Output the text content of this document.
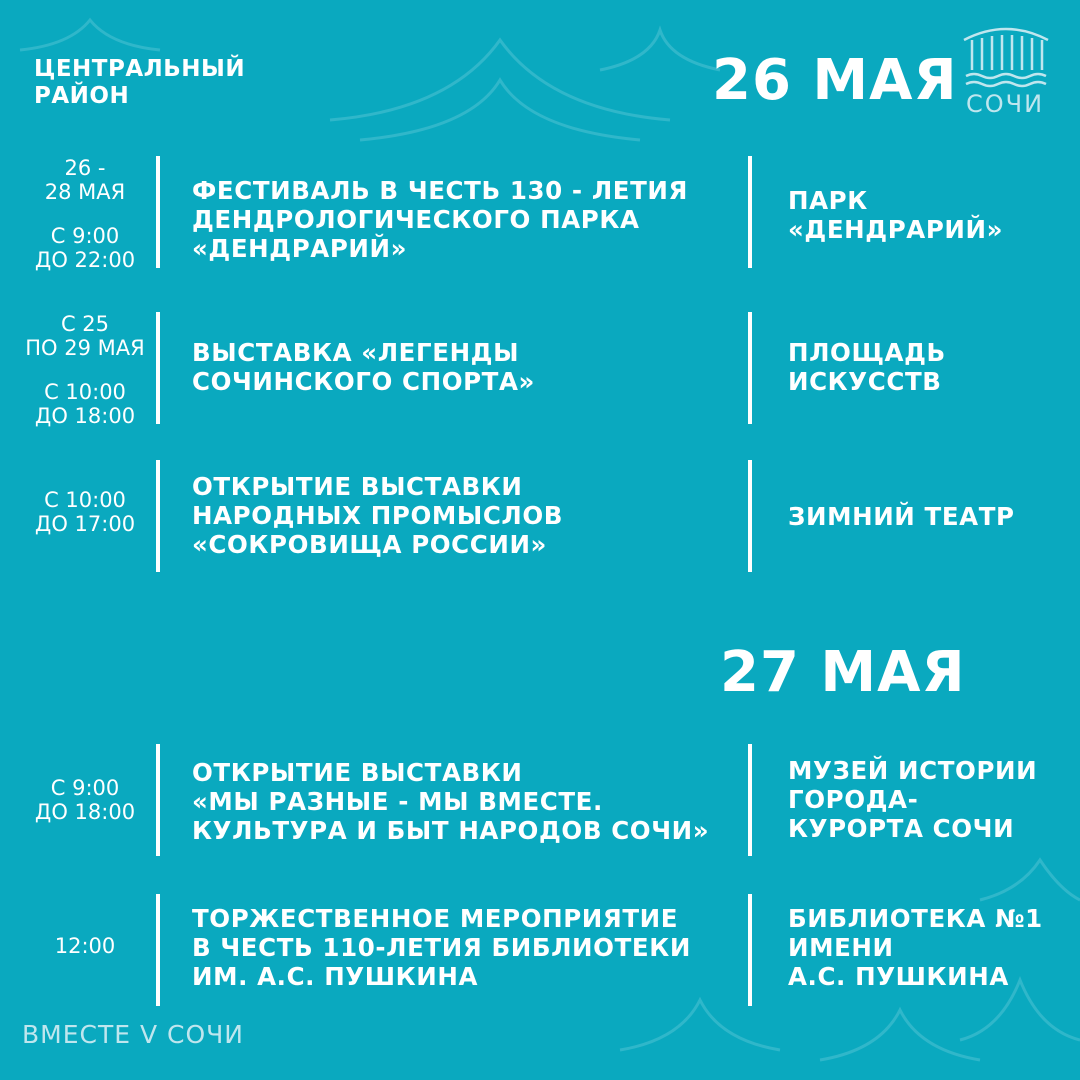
ЦЕНТРАЛЬНЫЙ
РАЙОН	26 МАЯ
27 МАЯ
СОЧИ
26 -
28 МАЯ
С 9:00
ДО 22:00
ФЕСТИВАЛЬ В ЧЕСТЬ 130 - ЛЕТИЯ
ДЕНДРОЛОГИЧЕСКОГО ПАРКА
«ДЕНДРАРИЙ»
ПАРК
«ДЕНДРАРИЙ»
С 25
ПО 29 МАЯ
С 10:00
ДО 18:00
ВЫСТАВКА «ЛЕГЕНДЫ
СОЧИНСКОГО СПОРТА»
ПЛОЩАДЬ
ИСКУССТВ
С 10:00
ДО 17:00
ОТКРЫТИЕ ВЫСТАВКИ
НАРОДНЫХ ПРОМЫСЛОВ
«СОКРОВИЩА РОССИИ»
ЗИМНИЙ ТЕАТР
С 9:00
ДО 18:00
ОТКРЫТИЕ ВЫСТАВКИ
«МЫ РАЗНЫЕ - МЫ ВМЕСТЕ.
КУЛЬТУРА И БЫТ НАРОДОВ СОЧИ»
МУЗЕЙ ИСТОРИИ
ГОРОДА-
КУРОРТА СОЧИ
12:00
ТОРЖЕСТВЕННОЕ МЕРОПРИЯТИЕ
В ЧЕСТЬ 110-ЛЕТИЯ БИБЛИОТЕКИ
ИМ. А.С. ПУШКИНА
БИБЛИОТЕКА №1
ИМЕНИ
А.С. ПУШКИНА
ВМЕСТЕ V СОЧИ
